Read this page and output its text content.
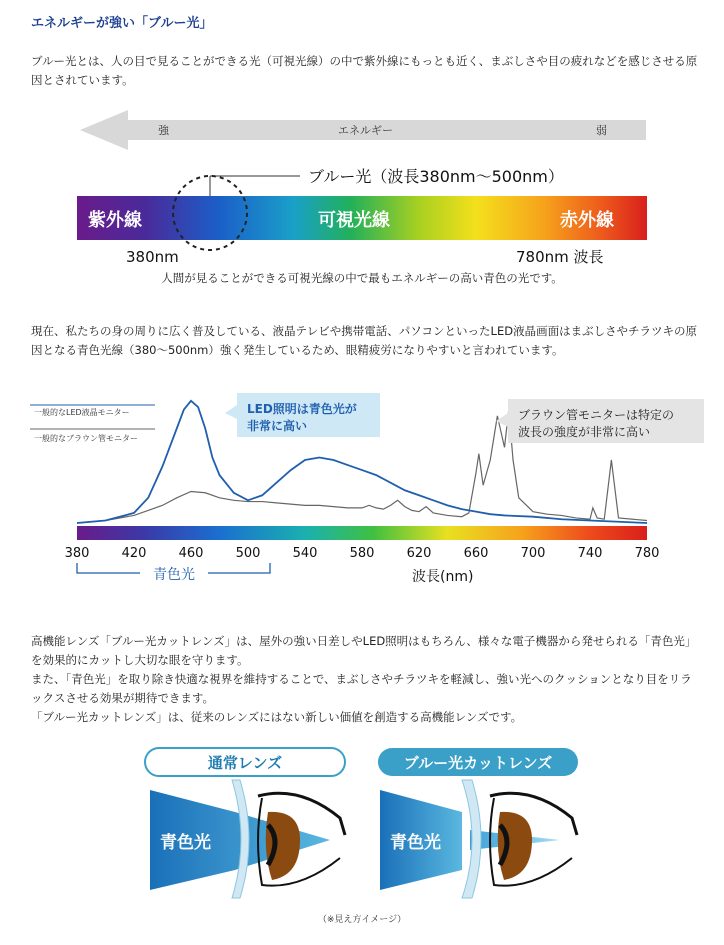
エネルギーが強い「ブルー光」
ブルー光とは、人の目で見ることができる光（可視光線）の中で紫外線にもっとも近く、まぶしさや目の疲れなどを感じさせる原因とされています。
強	エネルギー	弱
ブルー光（波長380nm〜500nm）
紫外線	可視光線	赤外線
380nm	780nm 波長
人間が見ることができる可視光線の中で最もエネルギーの高い青色の光です。
現在、私たちの身の周りに広く普及している、液晶テレビや携帯電話、パソコンといったLED液晶画面はまぶしさやチラツキの原因となる青色光線（380〜500nm）強く発生しているため、眼精疲労になりやすいと言われています。
一般的なLED液晶モニター
一般的なブラウン管モニター
380 420 460 500 540 580 620 660 700 740 780
LED照明は青色光が
非常に高い
ブラウン管モニターは特定の
波長の強度が非常に高い
青色光	波長(nm)
高機能レンズ「ブルー光カットレンズ」は、屋外の強い日差しやLED照明はもちろん、様々な電子機器から発せられる「青色光」を効果的にカットし大切な眼を守ります。
また、「青色光」を取り除き快適な視界を維持することで、まぶしさやチラツキを軽減し、強い光へのクッションとなり目をリラックスさせる効果が期待できます。
「ブルー光カットレンズ」は、従来のレンズにはない新しい価値を創造する高機能レンズです。
通常レンズ
青色光
ブルー光カットレンズ
青色光
（※見え方イメージ）
